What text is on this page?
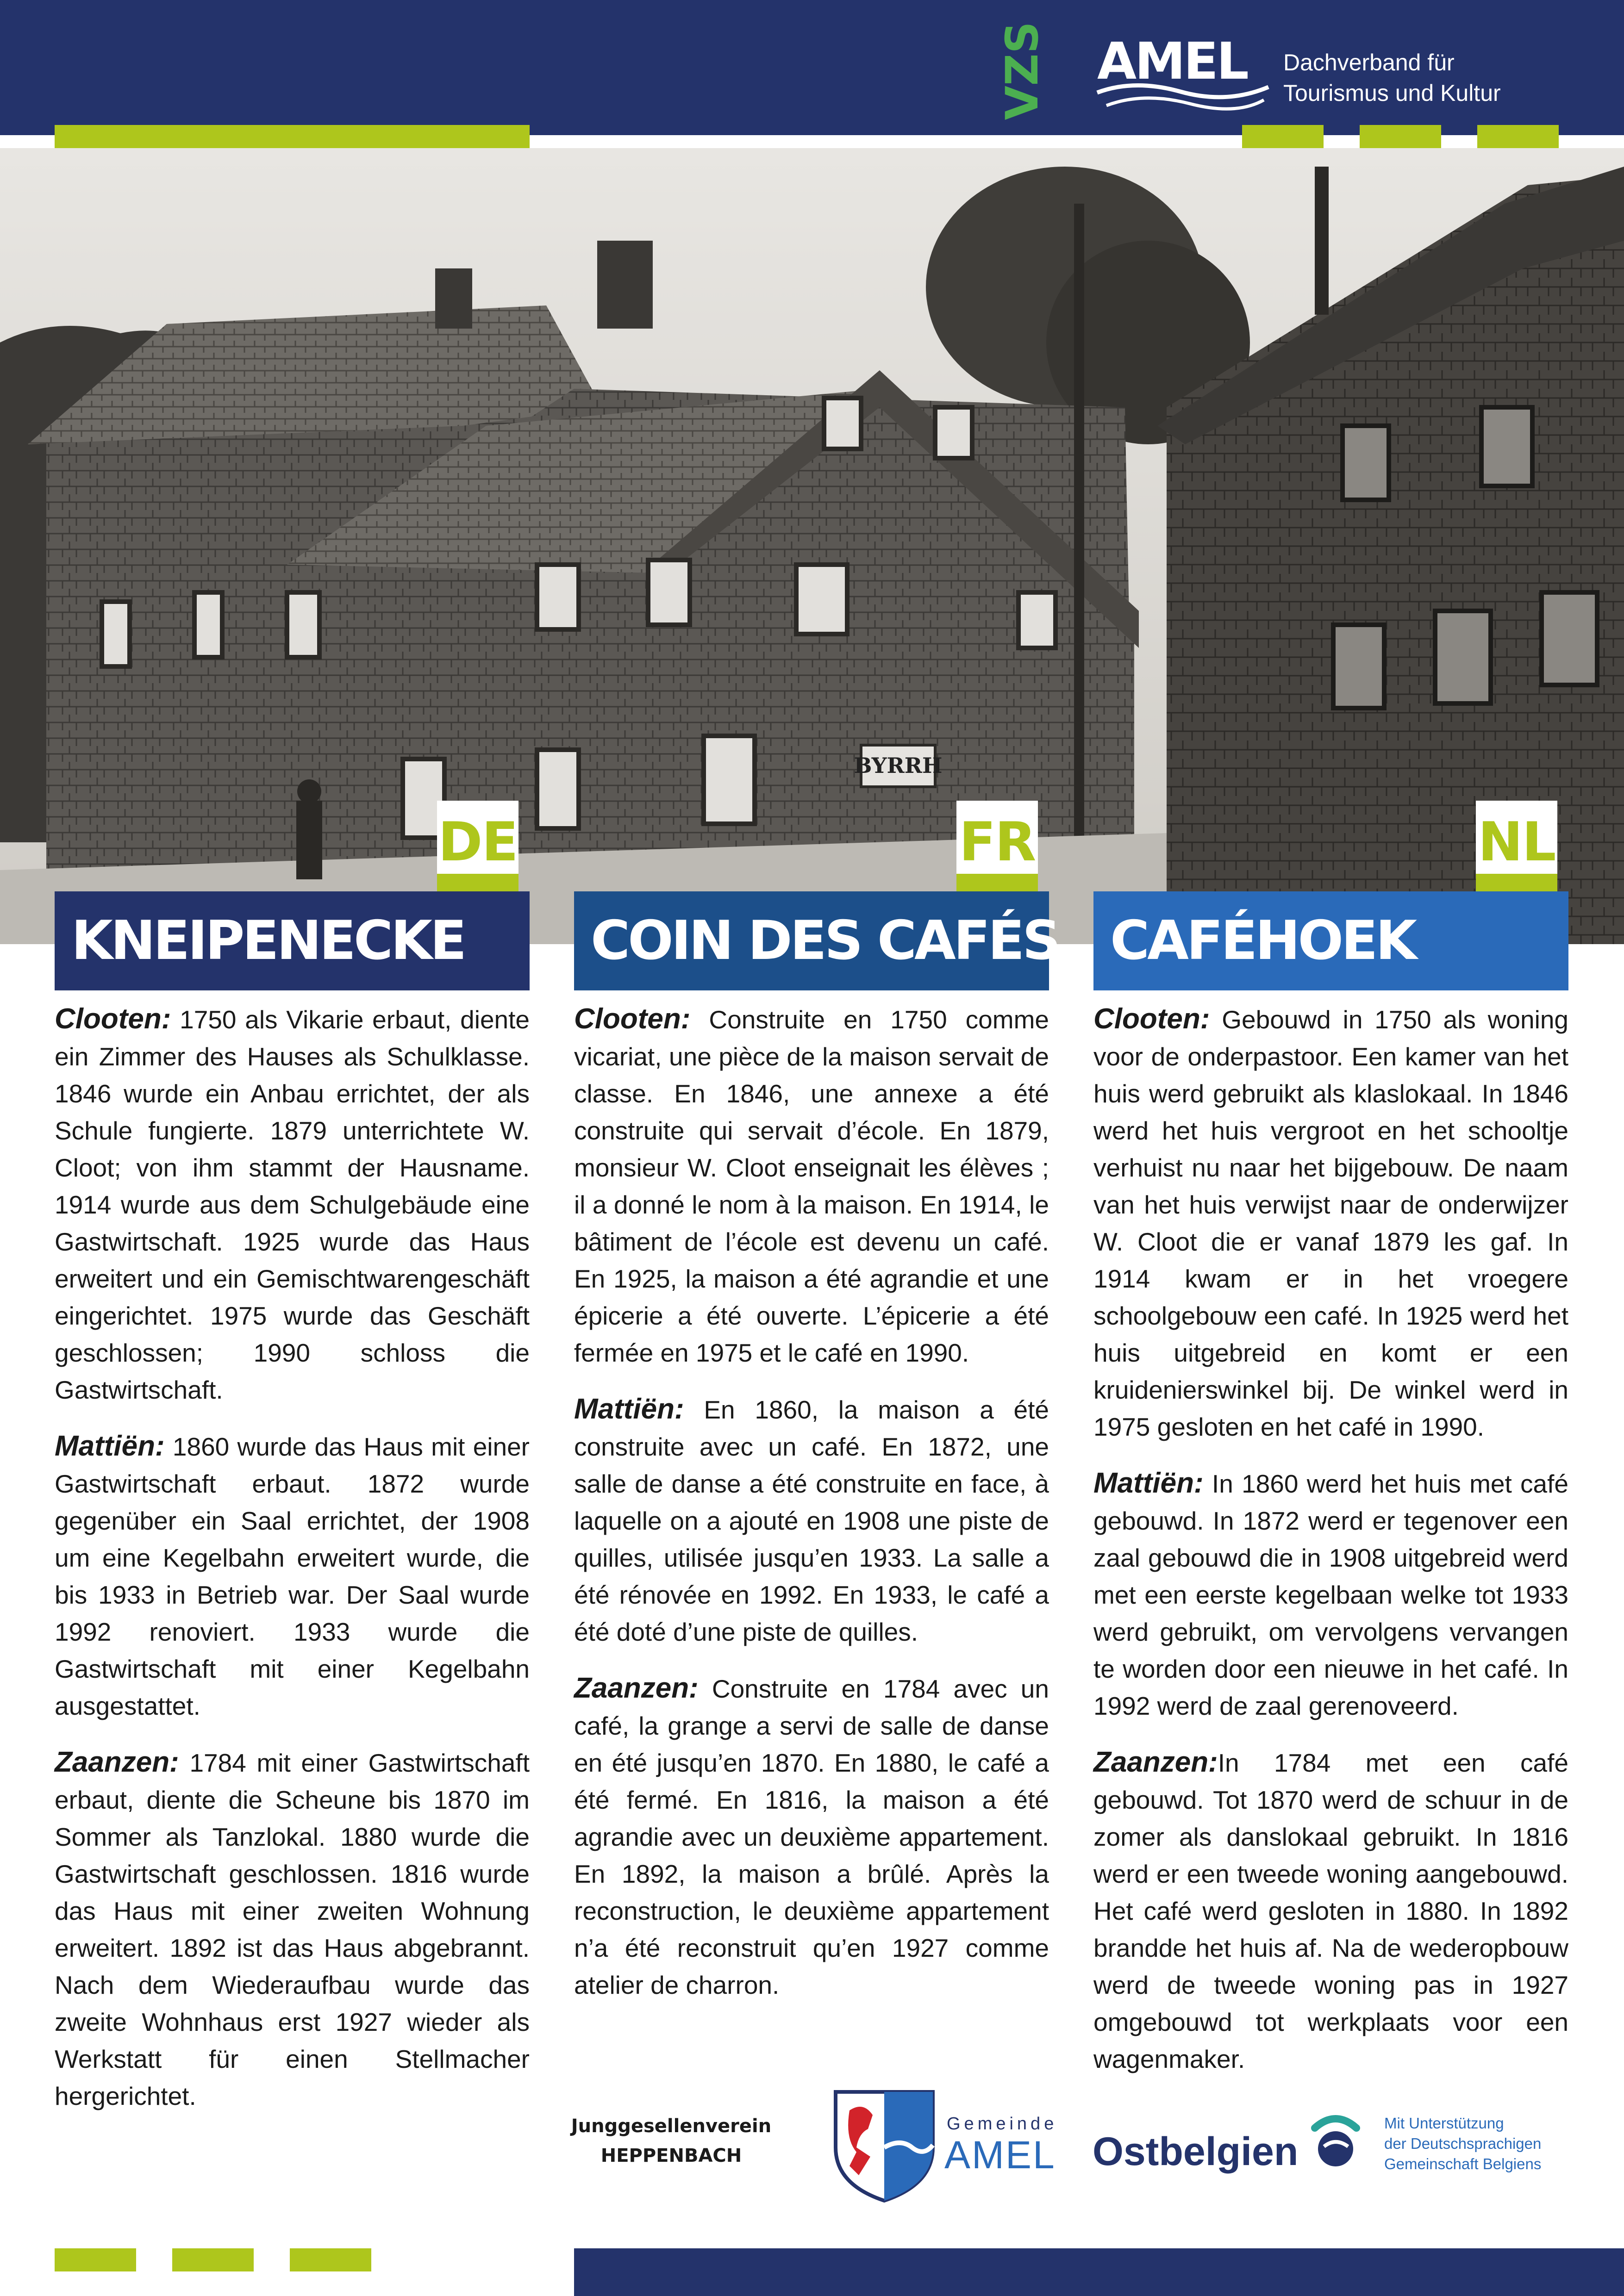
VZS AMEL Dachverband für
Tourismus und Kultur
BYRRH
DE	FR	NL
KNEIPENECKE	COIN DES CAFÉS CAFÉHOEK

Clooten: 1750 als Vikarie erbaut, diente ein Zimmer des Hauses als Schulklasse. 1846 wurde ein Anbau errichtet, der als Schule fungierte. 1879 unterrichtete W. Cloot; von ihm stammt der Hausname. 1914 wurde aus dem Schulgebäude eine Gastwirtschaft. 1925 wurde das Haus erweitert und ein Gemischtwarengeschäft eingerichtet. 1975 wurde das Geschäft geschlossen; 1990 schloss die Gastwirtschaft.

Mattiën: 1860 wurde das Haus mit einer Gastwirtschaft erbaut. 1872 wurde gegenüber ein Saal errichtet, der 1908 um eine Kegelbahn erweitert wurde, die bis 1933 in Betrieb war. Der Saal wurde 1992 renoviert. 1933 wurde die Gastwirtschaft mit einer Kegelbahn ausgestattet.

Zaanzen: 1784 mit einer Gastwirtschaft erbaut, diente die Scheune bis 1870 im Sommer als Tanzlokal. 1880 wurde die Gastwirtschaft geschlossen. 1816 wurde das Haus mit einer zweiten Wohnung erweitert. 1892 ist das Haus abgebrannt. Nach dem Wiederaufbau wurde das zweite Wohnhaus erst 1927 wieder als Werkstatt für einen Stellmacher hergerichtet.

Clooten: Construite en 1750 comme vicariat, une pièce de la maison servait de classe. En 1846, une annexe a été construite qui servait d’école. En 1879, monsieur W. Cloot enseignait les élèves ; il a donné le nom à la maison. En 1914, le bâtiment de l’école est devenu un café. En 1925, la maison a été agrandie et une épicerie a été ouverte. L’épicerie a été fermée en 1975 et le café en 1990.

Mattiën: En 1860, la maison a été construite avec un café. En 1872, une salle de danse a été construite en face, à laquelle on a ajouté en 1908 une piste de quilles, utilisée jusqu’en 1933. La salle a été rénovée en 1992. En 1933, le café a été doté d’une piste de quilles.

Zaanzen: Construite en 1784 avec un café, la grange a servi de salle de danse en été jusqu’en 1870. En 1880, le café a été fermé. En 1816, la maison a été agrandie avec un deuxième appartement. En 1892, la maison a brûlé. Après la reconstruction, le deuxième appartement n’a été reconstruit qu’en 1927 comme atelier de charron.

Clooten: Gebouwd in 1750 als woning voor de onderpastoor. Een kamer van het huis werd gebruikt als klaslokaal. In 1846 werd het huis vergroot en het schooltje verhuist nu naar het bijgebouw. De naam van het huis verwijst naar de onderwijzer W. Cloot die er vanaf 1879 les gaf. In 1914 kwam er in het vroegere schoolgebouw een café. In 1925 werd het huis uitgebreid en komt er een kruidenierswinkel bij. De winkel werd in 1975 gesloten en het café in 1990.

Mattiën: In 1860 werd het huis met café gebouwd. In 1872 werd er tegenover een zaal gebouwd die in 1908 uitgebreid werd met een eerste kegelbaan welke tot 1933 werd gebruikt, om vervolgens vervangen te worden door een nieuwe in het café. In 1992 werd de zaal gerenoveerd.

Zaanzen:In 1784 met een café gebouwd. Tot 1870 werd de schuur in de zomer als danslokaal gebruikt. In 1816 werd er een tweede woning aangebouwd. Het café werd gesloten in 1880. In 1892 brandde het huis af. Na de wederopbouw werd de tweede woning pas in 1927 omgebouwd tot werkplaats voor een wagenmaker.

Junggesellenverein
HEPPENBACH
Gemeinde
AMEL Ostbelgien
Mit Unterstützung
der Deutschsprachigen
Gemeinschaft Belgiens
